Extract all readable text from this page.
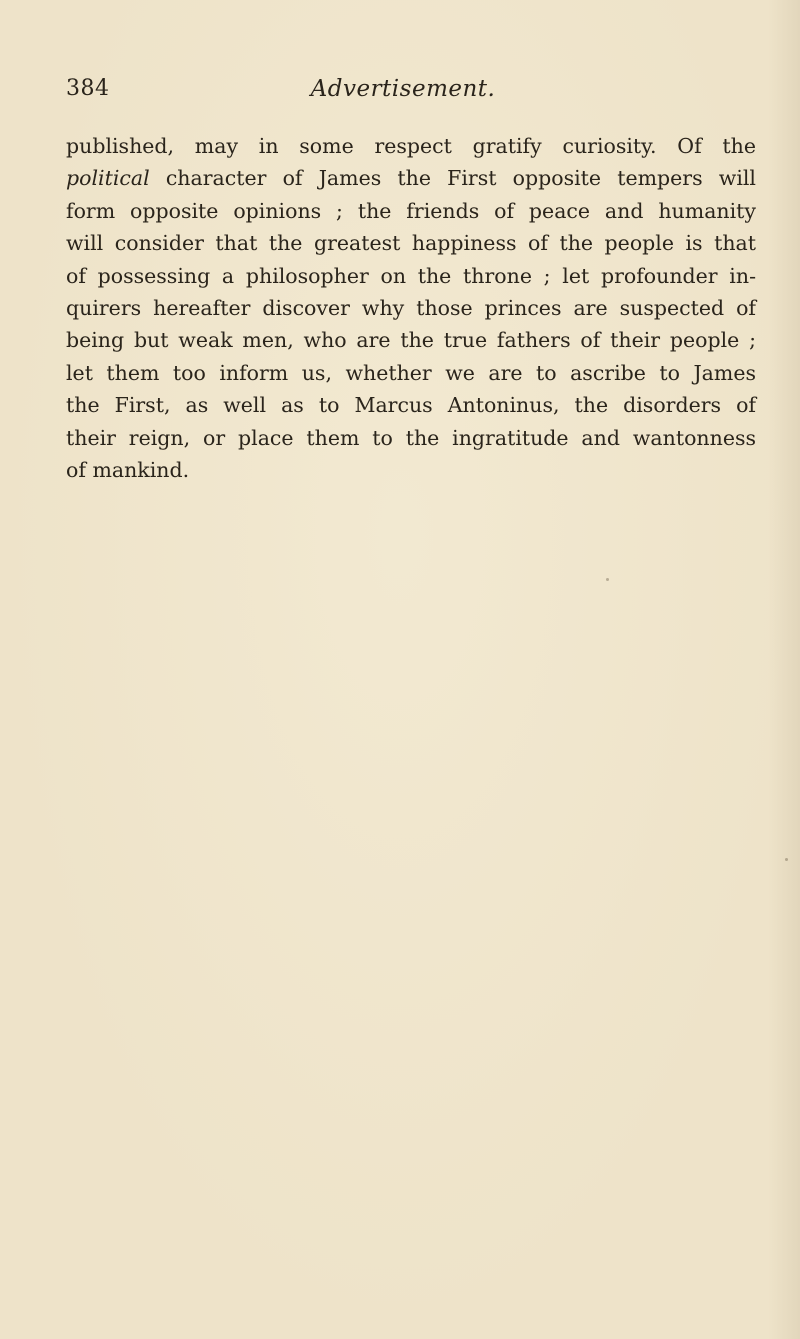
384	Advertisement.
published, may in some respect gratify curiosity. Of the
political character of James the First opposite tempers will
form opposite opinions ; the friends of peace and humanity
will consider that the greatest happiness of the people is that
of possessing a philosopher on the throne ; let profounder in-
quirers hereafter discover why those princes are suspected of
being but weak men, who are the true fathers of their people ;
let them too inform us, whether we are to ascribe to James
the First, as well as to Marcus Antoninus, the disorders of
their reign, or place them to the ingratitude and wantonness
of mankind.
